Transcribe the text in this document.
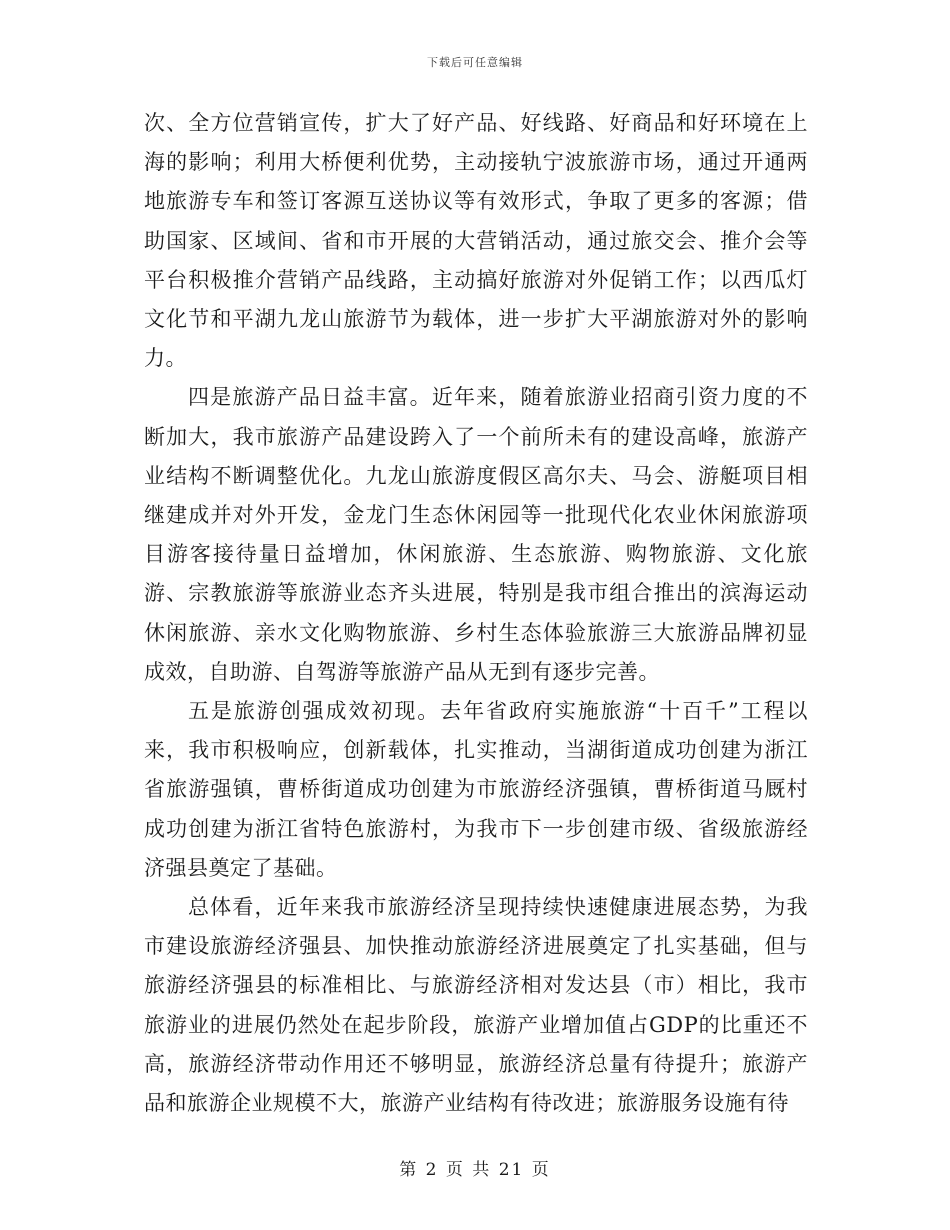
下载后可任意编辑

次、全方位营销宣传，扩大了好产品、好线路、好商品和好环境在上海的影响；利用大桥便利优势，主动接轨宁波旅游市场，通过开通两地旅游专车和签订客源互送协议等有效形式，争取了更多的客源；借助国家、区域间、省和市开展的大营销活动，通过旅交会、推介会等平台积极推介营销产品线路，主动搞好旅游对外促销工作；以西瓜灯文化节和平湖九龙山旅游节为载体，进一步扩大平湖旅游对外的影响力。

四是旅游产品日益丰富。近年来，随着旅游业招商引资力度的不断加大，我市旅游产品建设跨入了一个前所未有的建设高峰，旅游产业结构不断调整优化。九龙山旅游度假区高尔夫、马会、游艇项目相继建成并对外开发，金龙门生态休闲园等一批现代化农业休闲旅游项目游客接待量日益增加，休闲旅游、生态旅游、购物旅游、文化旅游、宗教旅游等旅游业态齐头进展，特别是我市组合推出的滨海运动休闲旅游、亲水文化购物旅游、乡村生态体验旅游三大旅游品牌初显成效，自助游、自驾游等旅游产品从无到有逐步完善。

五是旅游创强成效初现。去年省政府实施旅游“十百千”工程以来，我市积极响应，创新载体，扎实推动，当湖街道成功创建为浙江省旅游强镇，曹桥街道成功创建为市旅游经济强镇，曹桥街道马厩村成功创建为浙江省特色旅游村，为我市下一步创建市级、省级旅游经济强县奠定了基础。

总体看，近年来我市旅游经济呈现持续快速健康进展态势，为我市建设旅游经济强县、加快推动旅游经济进展奠定了扎实基础，但与旅游经济强县的标准相比、与旅游经济相对发达县（市）相比，我市旅游业的进展仍然处在起步阶段，旅游产业增加值占GDP的比重还不高，旅游经济带动作用还不够明显，旅游经济总量有待提升；旅游产品和旅游企业规模不大，旅游产业结构有待改进；旅游服务设施有待

第 2 页 共 21 页
